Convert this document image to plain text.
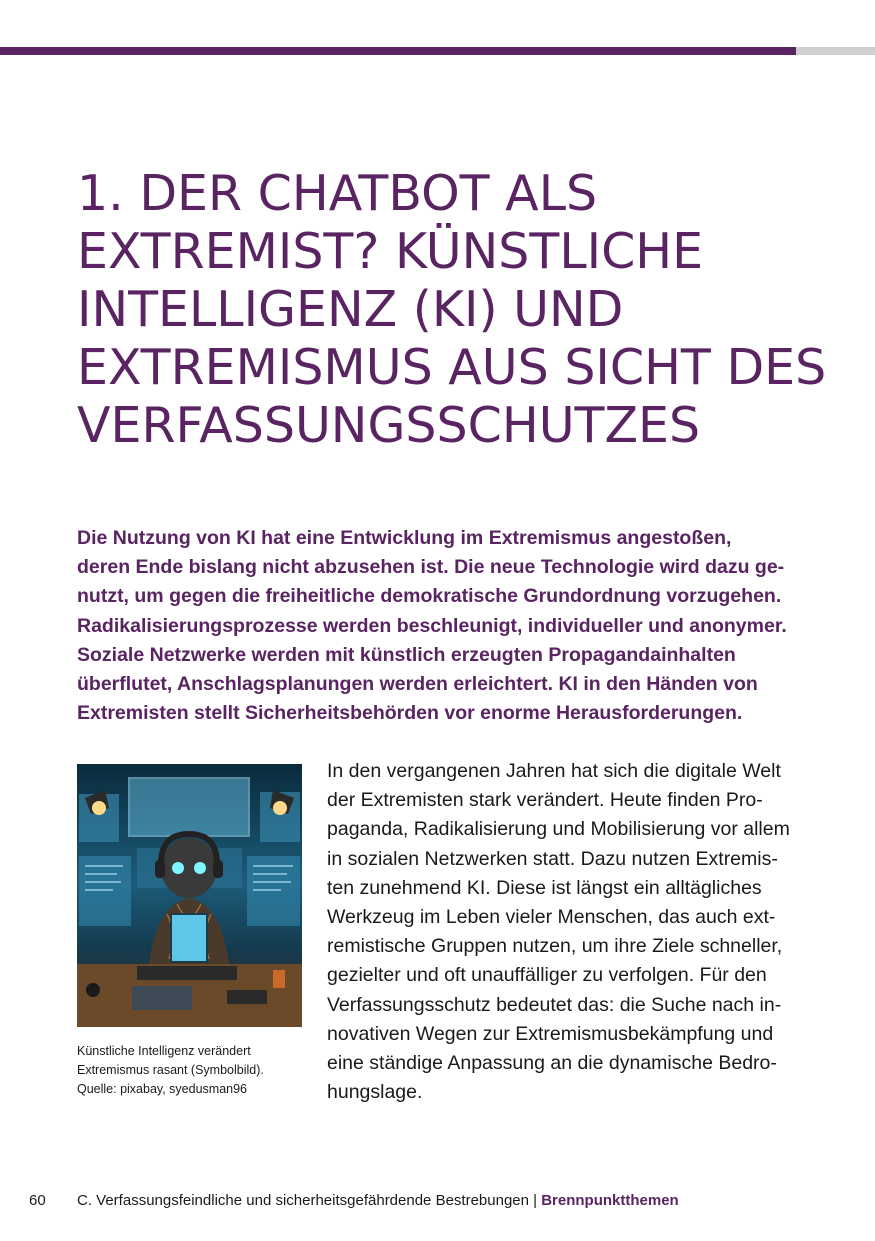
1. DER CHATBOT ALS
EXTREMIST? KÜNSTLICHE
INTELLIGENZ (KI) UND
EXTREMISMUS AUS SICHT DES
VERFASSUNGSSCHUTZES

Die Nutzung von KI hat eine Entwicklung im Extremismus angestoßen,
deren Ende bislang nicht abzusehen ist. Die neue Technologie wird dazu ge-
nutzt, um gegen die freiheitliche demokratische Grundordnung vorzugehen.
Radikalisierungsprozesse werden beschleunigt, individueller und anonymer.
Soziale Netzwerke werden mit künstlich erzeugten Propagandainhalten
überflutet, Anschlagsplanungen werden erleichtert. KI in den Händen von
Extremisten stellt Sicherheitsbehörden vor enorme Herausforderungen.

Künstliche Intelligenz verändert
Extremismus rasant (Symbolbild).
Quelle: pixabay, syedusman96

In den vergangenen Jahren hat sich die digitale Welt
der Extremisten stark verändert. Heute finden Pro-
paganda, Radikalisierung und Mobilisierung vor allem
in sozialen Netzwerken statt. Dazu nutzen Extremis-
ten zunehmend KI. Diese ist längst ein alltägliches
Werkzeug im Leben vieler Menschen, das auch ext-
remistische Gruppen nutzen, um ihre Ziele schneller,
gezielter und oft unauffälliger zu verfolgen. Für den
Verfassungsschutz bedeutet das: die Suche nach in-
novativen Wegen zur Extremismusbekämpfung und
eine ständige Anpassung an die dynamische Bedro-
hungslage.

60 C. Verfassungsfeindliche und sicherheitsgefährdende Bestrebungen | Brennpunktthemen
